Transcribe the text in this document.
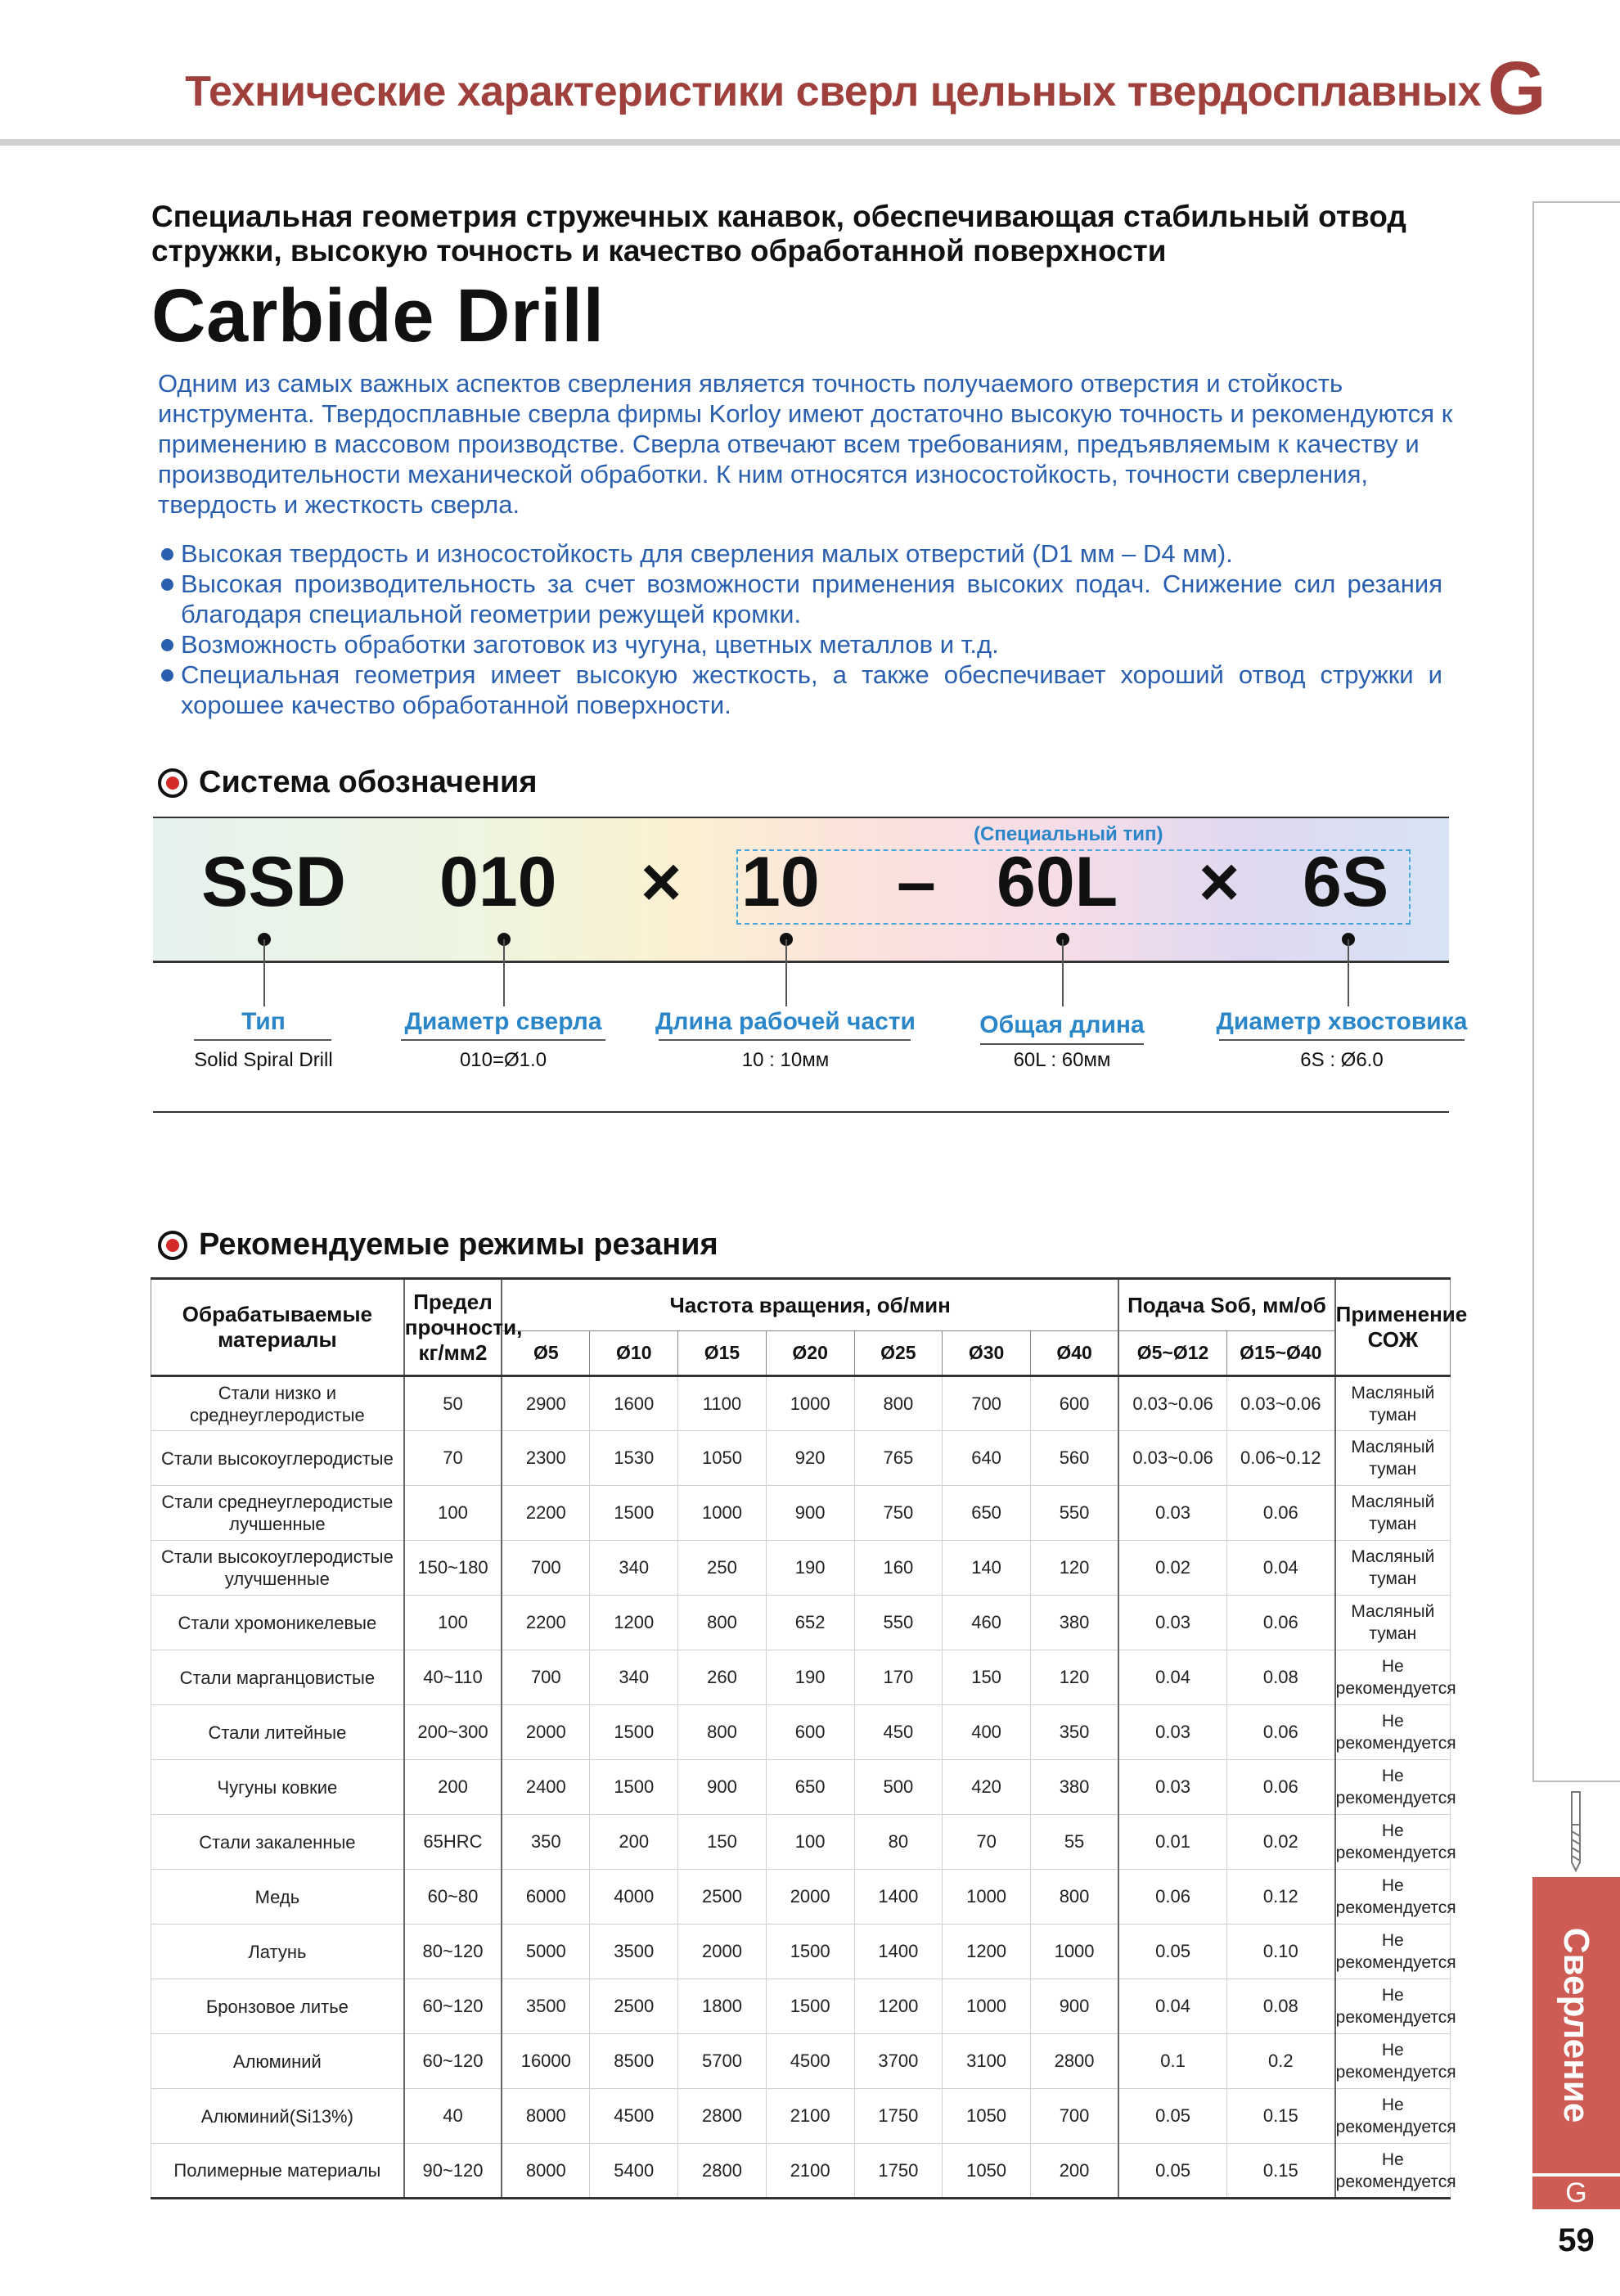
Технические характеристики сверл цельных твердосплавных G
Сверление
G
59
Специальная геометрия стружечных канавок, обеспечивающая стабильный отвод стружки, высокую точность и качество обработанной поверхности
Carbide Drill
Одним из самых важных аспектов сверления является точность получаемого отверстия и стойкость инструмента. Твердосплавные сверла фирмы Korloy имеют достаточно высокую точность и рекомендуются к применению в массовом производстве. Сверла отвечают всем требованиям, предъявляемым к качеству и производительности механической обработки. К ним относятся износостойкость, точности сверления, твердость и жесткость сверла.
Высокая твердость и износостойкость для сверления малых отверстий (D1 мм – D4 мм).
Высокая производительность за счет возможности применения высоких подач. Снижение сил резания благодаря специальной геометрии режущей кромки.
Возможность обработки заготовок из чугуна, цветных металлов и т.д.
Специальная геометрия имеет высокую жесткость, а также обеспечивает хороший отвод стружки и хорошее качество обработанной поверхности.
Система обозначения
(Специальный тип)
SSD 010 × 10 – 60L × 6S
Тип
Solid Spiral Drill
Диаметр сверла
010=Ø1.0
Длина рабочей части
10 : 10мм
Общая длина
60L : 60мм
Диаметр хвостовика
6S : Ø6.0
Рекомендуемые режимы резания
Обрабатываемые материалы	Предел прочности, кг/мм2	Частота вращения, об/мин							Подача Sоб, мм/об		Применение СОЖ
		Ø5	Ø10	Ø15	Ø20	Ø25	Ø30	Ø40	Ø5~Ø12	Ø15~Ø40	
Стали низко и среднеуглеродистые	50	2900	1600	1100	1000	800	700	600	0.03~0.06	0.03~0.06	Масляный туман
Стали высокоуглеродистые	70	2300	1530	1050	920	765	640	560	0.03~0.06	0.06~0.12	Масляный туман
Стали среднеуглеродистые лучшенные	100	2200	1500	1000	900	750	650	550	0.03	0.06	Масляный туман
Стали высокоуглеродистые улучшенные	150~180	700	340	250	190	160	140	120	0.02	0.04	Масляный туман
Стали хромоникелевые	100	2200	1200	800	652	550	460	380	0.03	0.06	Масляный туман
Стали марганцовистые	40~110	700	340	260	190	170	150	120	0.04	0.08	Не рекомендуется
Стали литейные	200~300	2000	1500	800	600	450	400	350	0.03	0.06	Не рекомендуется
Чугуны ковкие	200	2400	1500	900	650	500	420	380	0.03	0.06	Не рекомендуется
Стали закаленные	65HRC	350	200	150	100	80	70	55	0.01	0.02	Не рекомендуется
Медь	60~80	6000	4000	2500	2000	1400	1000	800	0.06	0.12	Не рекомендуется
Латунь	80~120	5000	3500	2000	1500	1400	1200	1000	0.05	0.10	Не рекомендуется
Бронзовое литье	60~120	3500	2500	1800	1500	1200	1000	900	0.04	0.08	Не рекомендуется
Алюминий	60~120	16000	8500	5700	4500	3700	3100	2800	0.1	0.2	Не рекомендуется
Алюминий(Si13%)	40	8000	4500	2800	2100	1750	1050	700	0.05	0.15	Не рекомендуется
Полимерные материалы	90~120	8000	5400	2800	2100	1750	1050	200	0.05	0.15	Не рекомендуется
